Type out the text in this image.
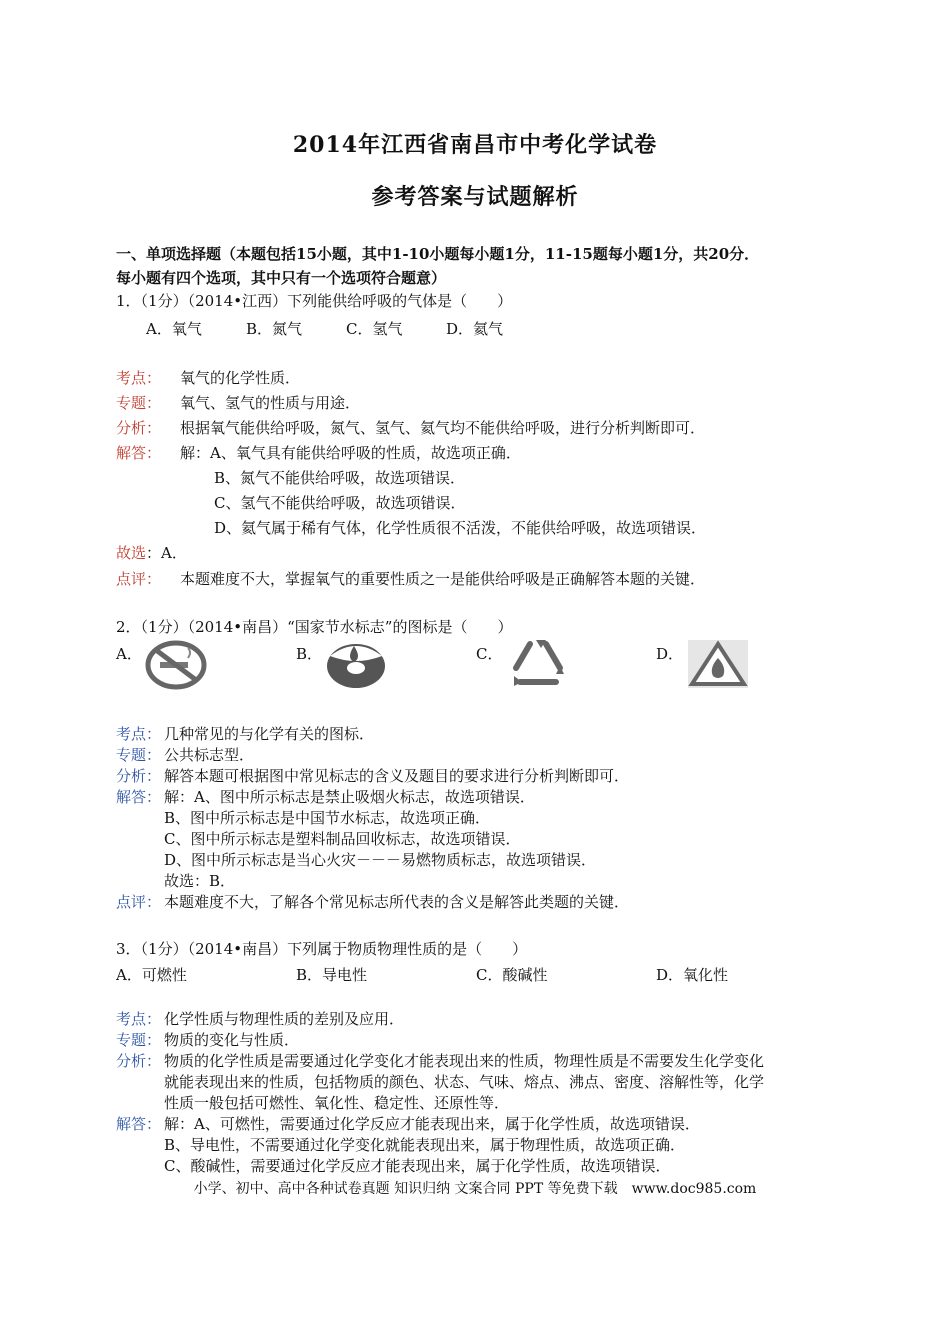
2014年江西省南昌市中考化学试卷
参考答案与试题解析
一、单项选择题（本题包括15小题，其中1-10小题每小题1分，11-15题每小题1分，共20分．
每小题有四个选项，其中只有一个选项符合题意）
1．（1分）（2014•江西）下列能供给呼吸的气体是（　　）
A．氧气	B．氮气	C．氢气	D．氦气
考点： 氧气的化学性质．
专题： 氧气、氢气的性质与用途．
分析： 根据氧气能供给呼吸，氮气、氢气、氦气均不能供给呼吸，进行分析判断即可．
解答： 解：A、氧气具有能供给呼吸的性质，故选项正确．
B、氮气不能供给呼吸，故选项错误．
C、氢气不能供给呼吸，故选项错误．
D、氦气属于稀有气体，化学性质很不活泼，不能供给呼吸，故选项错误．
故选：A．
点评： 本题难度不大，掌握氧气的重要性质之一是能供给呼吸是正确解答本题的关键．
2．（1分）（2014•南昌）“国家节水标志”的图标是（　　）
A．	B．	C．	D．
考点： 几种常见的与化学有关的图标．
专题： 公共标志型．
分析： 解答本题可根据图中常见标志的含义及题目的要求进行分析判断即可．
解答： 解：A、图中所示标志是禁止吸烟火标志，故选项错误．
B、图中所示标志是中国节水标志，故选项正确．
C、图中所示标志是塑料制品回收标志，故选项错误．
D、图中所示标志是当心火灾－－－易燃物质标志，故选项错误．
故选：B．
点评： 本题难度不大，了解各个常见标志所代表的含义是解答此类题的关键．
3．（1分）（2014•南昌）下列属于物质物理性质的是（　　）
A．可燃性	B．导电性	C．酸碱性	D．氧化性
考点： 化学性质与物理性质的差别及应用．
专题： 物质的变化与性质．
分析： 物质的化学性质是需要通过化学变化才能表现出来的性质，物理性质是不需要发生化学变化
就能表现出来的性质，包括物质的颜色、状态、气味、熔点、沸点、密度、溶解性等，化学
性质一般包括可燃性、氧化性、稳定性、还原性等．
解答： 解：A、可燃性，需要通过化学反应才能表现出来，属于化学性质，故选项错误．
B、导电性，不需要通过化学变化就能表现出来，属于物理性质，故选项正确．
C、酸碱性，需要通过化学反应才能表现出来，属于化学性质，故选项错误．
小学、初中、高中各种试卷真题 知识归纳 文案合同 PPT 等免费下载　www.doc985.com
